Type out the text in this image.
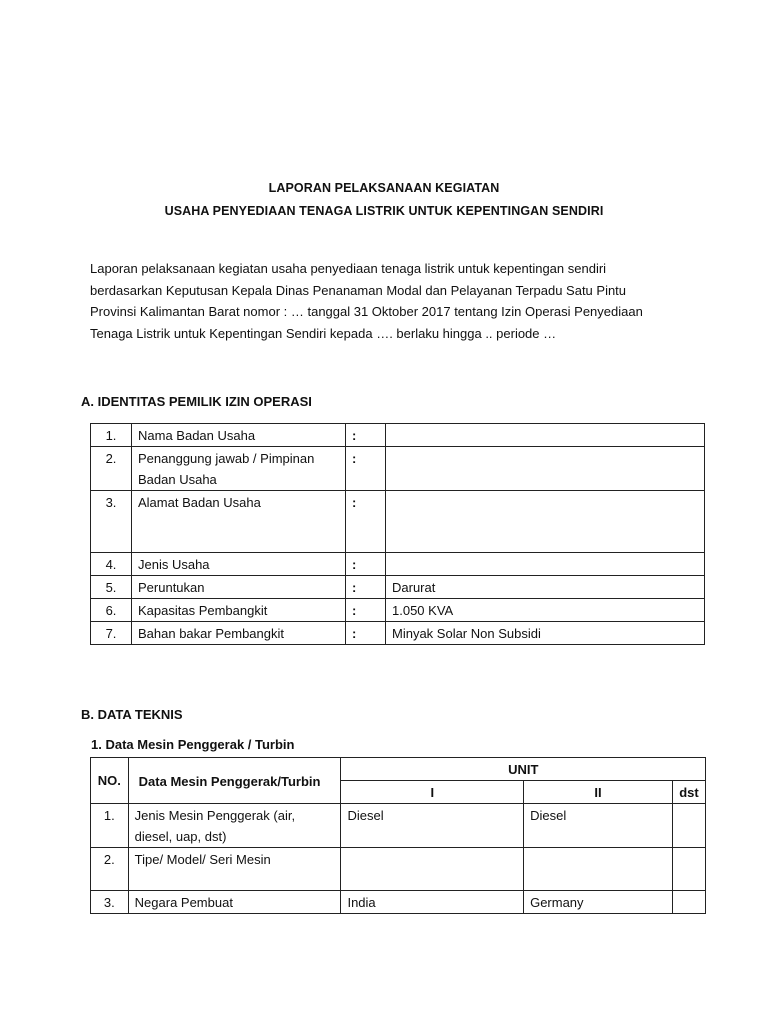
LAPORAN PELAKSANAAN KEGIATAN
USAHA PENYEDIAAN TENAGA LISTRIK UNTUK KEPENTINGAN SENDIRI
Laporan pelaksanaan kegiatan usaha penyediaan tenaga listrik untuk kepentingan sendiri
berdasarkan Keputusan Kepala Dinas Penanaman Modal dan Pelayanan Terpadu Satu Pintu
Provinsi Kalimantan Barat nomor : … tanggal 31 Oktober 2017 tentang Izin Operasi Penyediaan
Tenaga Listrik untuk Kepentingan Sendiri kepada …. berlaku hingga .. periode …
A. IDENTITAS PEMILIK IZIN OPERASI
1.	Nama Badan Usaha	:	
2.	Penanggung jawab / Pimpinan Badan Usaha	:	
3.	Alamat Badan Usaha	:	
4.	Jenis Usaha	:	
5.	Peruntukan	:	Darurat
6.	Kapasitas Pembangkit	:	1.050 KVA
7.	Bahan bakar Pembangkit	:	Minyak Solar Non Subsidi
B. DATA TEKNIS
1. Data Mesin Penggerak / Turbin
NO.	Data Mesin Penggerak/Turbin	UNIT		
		I	II	dst
1.	Jenis Mesin Penggerak (air, diesel, uap, dst)	Diesel	Diesel	
2.	Tipe/ Model/ Seri Mesin			
3.	Negara Pembuat	India	Germany	
